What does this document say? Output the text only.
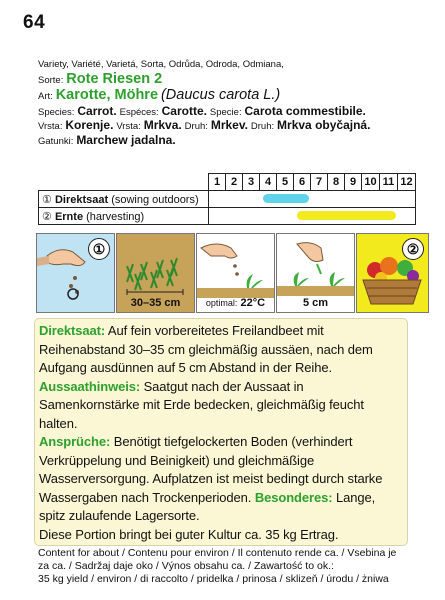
64
Variety, Variété, Varietá, Sorta, Odrůda, Odroda, Odmiana,
Sorte: Rote Riesen 2
Art: Karotte, Möhre (Daucus carota L.)
Species: Carrot. Espéces: Carotte. Specie: Carota commestibile.
Vrsta: Korenje. Vrsta: Mrkva. Druh: Mrkev. Druh: Mrkva obyčajná.
Gatunki: Marchew jadalna.
	1	2	3	4	5	6	7	8	9	10	11	12
① Direktsaat (sowing outdoors)												

② Ernte (harvesting)												
①
30–35 cm	optimal: 22°C	5 cm
②
Direktsaat: Auf fein vorbereitetes Freilandbeet mit Reihenabstand 30–35 cm gleichmäßig aussäen, nach dem Aufgang ausdünnen auf 5 cm Abstand in der Reihe.
Aussaathinweis: Saatgut nach der Aussaat in Samenkornstärke mit Erde bedecken, gleichmäßig feucht halten.
Ansprüche: Benötigt tiefgelockerten Boden (verhindert Verkrüppelung und Beinigkeit) und gleichmäßige Wasserversorgung. Aufplatzen ist meist bedingt durch starke Wassergaben nach Trockenperioden. Besonderes: Lange, spitz zulaufende Lagersorte.
Diese Portion bringt bei guter Kultur ca. 35 kg Ertrag.
Content for about / Contenu pour environ / Il contenuto rende ca. / Vsebina je
za ca. / Sadržaj daje oko / Výnos obsahu ca. / Zawartość to ok.:
35 kg yield / environ / di raccolto / pridelka / prinosa / sklizeň / úrodu / żniwa
